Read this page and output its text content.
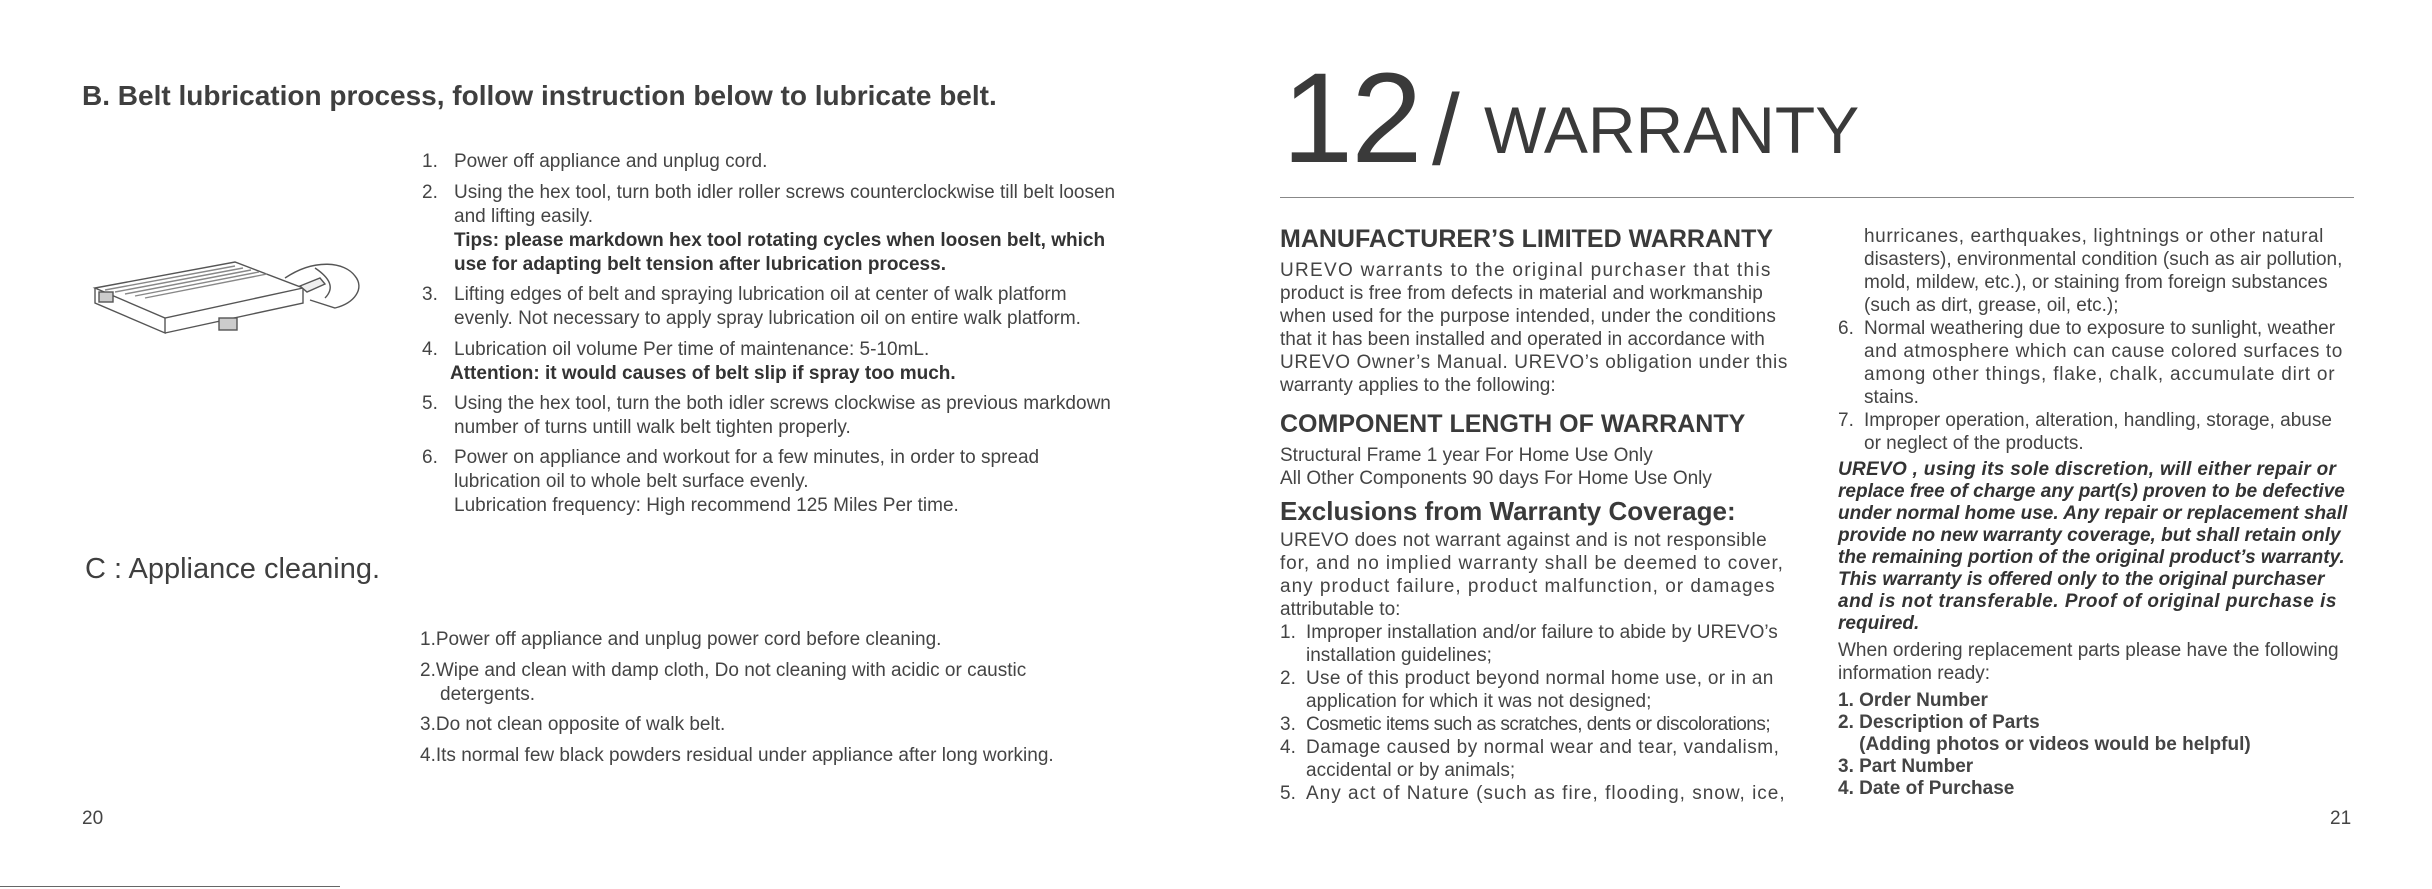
B. Belt lubrication process, follow instruction below to lubricate belt.
1. Power off appliance and unplug cord.
2. Using the hex tool, turn both idler roller screws counterclockwise till belt loosen
and lifting easily.
Tips: please markdown hex tool rotating cycles when loosen belt, which
use for adapting belt tension after lubrication process.
3. Lifting edges of belt and spraying lubrication oil at center of walk platform
evenly. Not necessary to apply spray lubrication oil on entire walk platform.
4. Lubrication oil volume Per time of maintenance: 5-10mL.
Attention: it would causes of belt slip if spray too much.
5. Using the hex tool, turn the both idler screws clockwise as previous markdown
number of turns untill walk belt tighten properly.
6. Power on appliance and workout for a few minutes, in order to spread
lubrication oil to whole belt surface evenly.
Lubrication frequency: High recommend 125 Miles Per time.
C : Appliance cleaning.
1.Power off appliance and unplug power cord before cleaning.
2.Wipe and clean with damp cloth, Do not cleaning with acidic or caustic
detergents.
3.Do not clean opposite of walk belt.
4.Its normal few black powders residual under appliance after long working.
20
12 / WARRANTY
MANUFACTURER’S LIMITED WARRANTY
UREVO warrants to the original purchaser that this
product is free from defects in material and workmanship
when used for the purpose intended, under the conditions
that it has been installed and operated in accordance with
UREVO Owner’s Manual. UREVO’s obligation under this
warranty applies to the following:
COMPONENT LENGTH OF WARRANTY
Structural Frame 1 year For Home Use Only
All Other Components 90 days For Home Use Only
Exclusions from Warranty Coverage:
UREVO does not warrant against and is not responsible
for, and no implied warranty shall be deemed to cover,
any product failure, product malfunction, or damages
attributable to:
1. Improper installation and/or failure to abide by UREVO’s
installation guidelines;
2. Use of this product beyond normal home use, or in an
application for which it was not designed;
3. Cosmetic items such as scratches, dents or discolorations;
4. Damage caused by normal wear and tear, vandalism,
accidental or by animals;
5. Any act of Nature (such as fire, flooding, snow, ice,
hurricanes, earthquakes, lightnings or other natural
disasters), environmental condition (such as air pollution,
mold, mildew, etc.), or staining from foreign substances
(such as dirt, grease, oil, etc.);
6. Normal weathering due to exposure to sunlight, weather
and atmosphere which can cause colored surfaces to
among other things, flake, chalk, accumulate dirt or
stains.
7. Improper operation, alteration, handling, storage, abuse
or neglect of the products.
UREVO , using its sole discretion, will either repair or
replace free of charge any part(s) proven to be defective
under normal home use. Any repair or replacement shall
provide no new warranty coverage, but shall retain only
the remaining portion of the original product’s warranty.
This warranty is offered only to the original purchaser
and is not transferable. Proof of original purchase is
required.
When ordering replacement parts please have the following
information ready:
1. Order Number
2. Description of Parts
(Adding photos or videos would be helpful)
3. Part Number
4. Date of Purchase
21
